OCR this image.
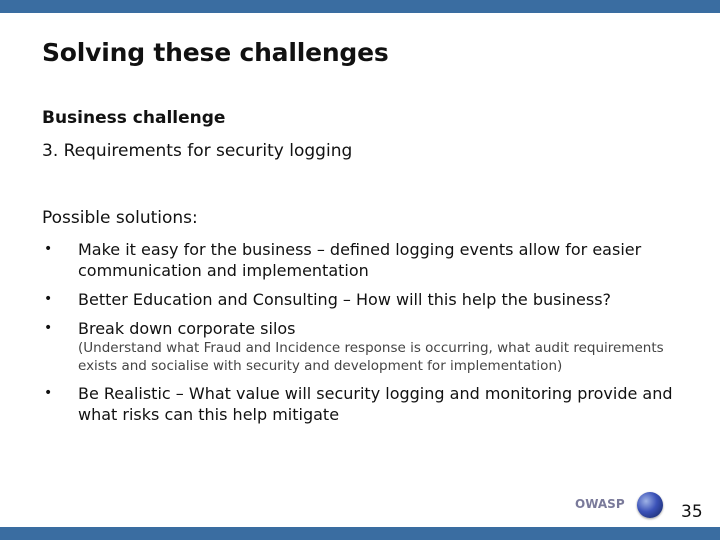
Solving these challenges
Business challenge
3. Requirements for security logging
Possible solutions:
•	Make it easy for the business – defined logging events allow for easier communication and implementation
•	Better Education and Consulting – How will this help the business?
•	Break down corporate silos
(Understand what Fraud and Incidence response is occurring, what audit requirements exists and socialise with security and development for implementation)
•	Be Realistic – What value will security logging and monitoring provide and what risks can this help mitigate
OWASP	35
